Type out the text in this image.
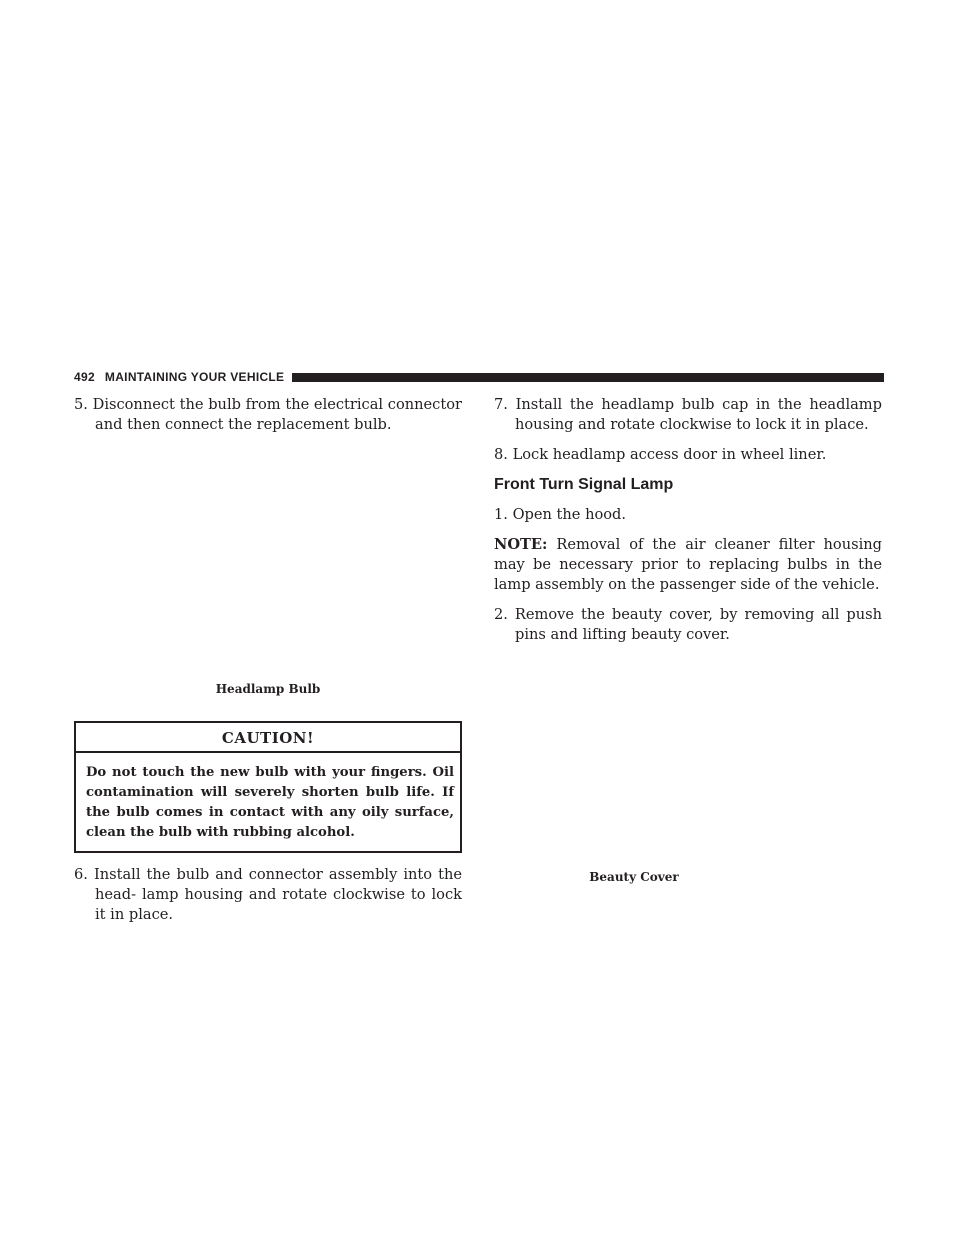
492 MAINTAINING YOUR VEHICLE

5. Disconnect the bulb from the electrical connector and then connect the replacement bulb.

Headlamp Bulb
CAUTION!
Do not touch the new bulb with your fingers. Oil contamination will severely shorten bulb life. If the bulb comes in contact with any oily surface, clean the bulb with rubbing alcohol.

6. Install the bulb and connector assembly into the head- lamp housing and rotate clockwise to lock it in place.

7. Install the headlamp bulb cap in the headlamp housing and rotate clockwise to lock it in place.

8. Lock headlamp access door in wheel liner.

Front Turn Signal Lamp

1. Open the hood.

NOTE: Removal of the air cleaner filter housing may be necessary prior to replacing bulbs in the lamp assembly on the passenger side of the vehicle.

2. Remove the beauty cover, by removing all push pins and lifting beauty cover.

Beauty Cover
